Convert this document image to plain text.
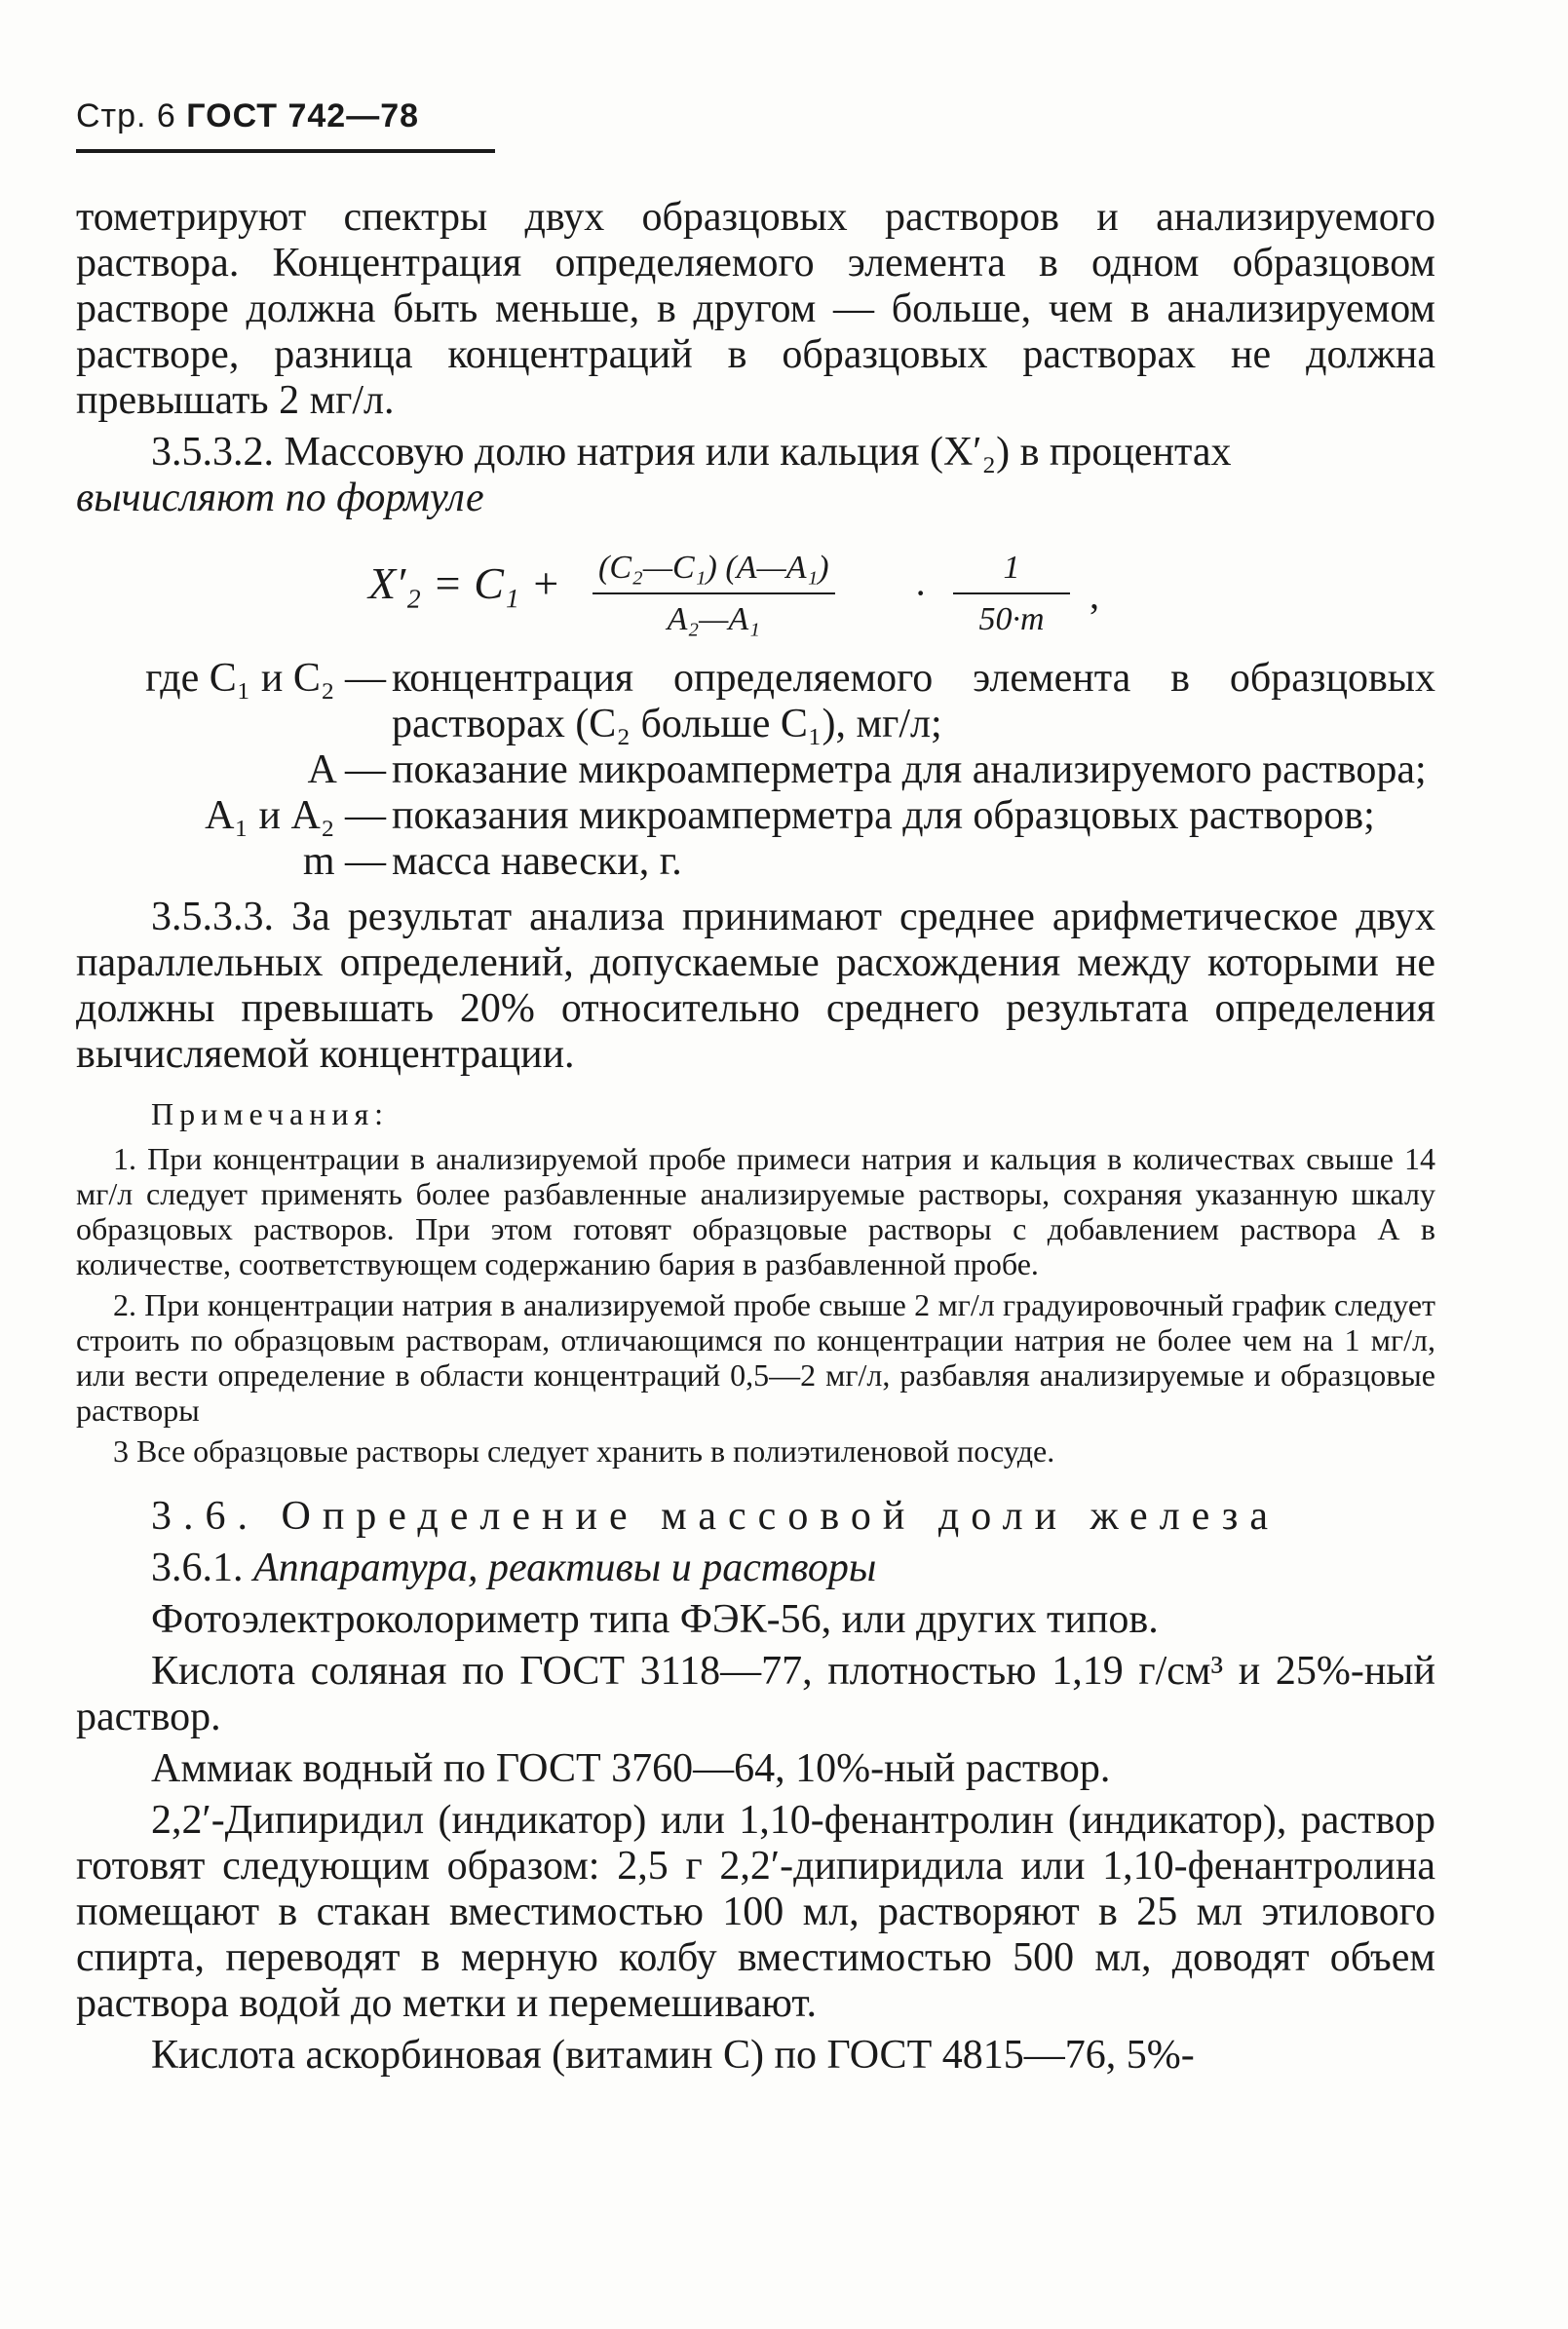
Стр. 6 ГОСТ 742—78

тометрируют спектры двух образцовых растворов и анализируемого раствора. Концентрация определяемого элемента в одном образцовом растворе должна быть меньше, в другом — больше, чем в анализируемом растворе, разница концентраций в образцовых растворах не должна превышать 2 мг/л.

3.5.3.2. Массовую долю натрия или кальция (X′₂) в процентах
вычисляют по формуле

$X'_2 = C_1 + \frac{\text{(C₂—C₁) (A—A₁)}}{\text{A₂—A₁}} \cdot \frac{1}{50\cdot m}$ ,
где C₁ и C₂ — концентрация определяемого элемента в образцовых растворах (C₂ больше C₁), мг/л;
A — показание микроамперметра для анализируемого раствора;
A₁ и A₂ — показания микроамперметра для образцовых растворов;
m — масса навески, г.

3.5.3.3. За результат анализа принимают среднее арифметическое двух параллельных определений, допускаемые расхождения между которыми не должны превышать 20% относительно среднего результата определения вычисляемой концентрации.

Примечания:

1. При концентрации в анализируемой пробе примеси натрия и кальция в количествах свыше 14 мг/л следует применять более разбавленные анализируемые растворы, сохраняя указанную шкалу образцовых растворов. При этом готовят образцовые растворы с добавлением раствора А в количестве, соответствующем содержанию бария в разбавленной пробе.

2. При концентрации натрия в анализируемой пробе свыше 2 мг/л градуировочный график следует строить по образцовым растворам, отличающимся по концентрации натрия не более чем на 1 мг/л, или вести определение в области концентраций 0,5—2 мг/л, разбавляя анализируемые и образцовые растворы

3 Все образцовые растворы следует хранить в полиэтиленовой посуде.

3.6. Определение массовой доли железа

3.6.1. Аппаратура, реактивы и растворы

Фотоэлектроколориметр типа ФЭК-56, или других типов.

Кислота соляная по ГОСТ 3118—77, плотностью 1,19 г/см³ и 25%-ный раствор.

Аммиак водный по ГОСТ 3760—64, 10%-ный раствор.

2,2′-Дипиридил (индикатор) или 1,10-фенантролин (индикатор), раствор готовят следующим образом: 2,5 г 2,2′-дипиридила или 1,10-фенантролина помещают в стакан вместимостью 100 мл, растворяют в 25 мл этилового спирта, переводят в мерную колбу вместимостью 500 мл, доводят объем раствора водой до метки и перемешивают.

Кислота аскорбиновая (витамин С) по ГОСТ 4815—76, 5%-
